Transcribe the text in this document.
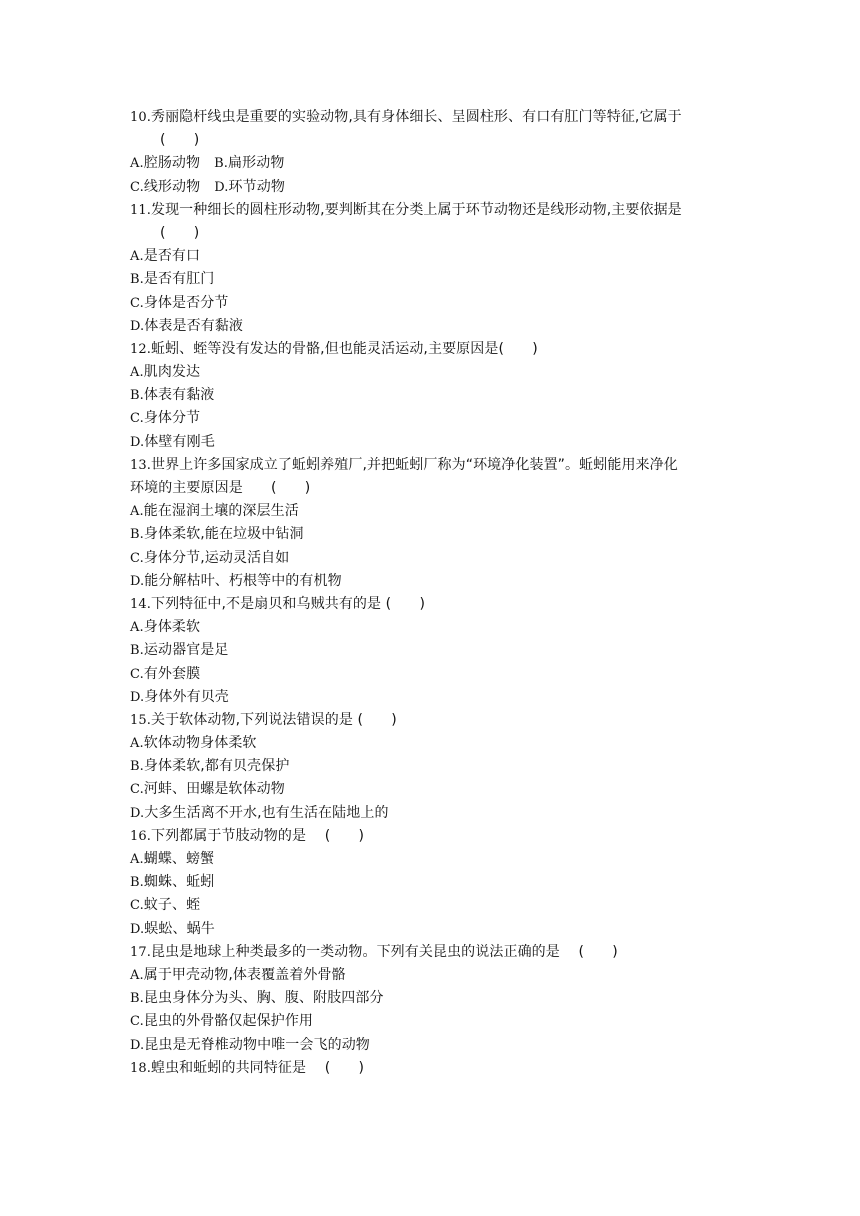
10.秀丽隐杆线虫是重要的实验动物,具有身体细长、呈圆柱形、有口有肛门等特征,它属于
(　　)
A.腔肠动物 B.扁形动物
C.线形动物 D.环节动物
11.发现一种细长的圆柱形动物,要判断其在分类上属于环节动物还是线形动物,主要依据是
(　　)
A.是否有口
B.是否有肛门
C.身体是否分节
D.体表是否有黏液
12.蚯蚓、蛭等没有发达的骨骼,但也能灵活运动,主要原因是(　　)
A.肌肉发达
B.体表有黏液
C.身体分节
D.体壁有刚毛
13.世界上许多国家成立了蚯蚓养殖厂,并把蚯蚓厂称为“环境净化装置”。蚯蚓能用来净化
环境的主要原因是　　(　　)
A.能在湿润土壤的深层生活
B.身体柔软,能在垃圾中钻洞
C.身体分节,运动灵活自如
D.能分解枯叶、朽根等中的有机物
14.下列特征中,不是扇贝和乌贼共有的是 (　　)
A.身体柔软
B.运动器官是足
C.有外套膜
D.身体外有贝壳
15.关于软体动物,下列说法错误的是 (　　)
A.软体动物身体柔软
B.身体柔软,都有贝壳保护
C.河蚌、田螺是软体动物
D.大多生活离不开水,也有生活在陆地上的
16.下列都属于节肢动物的是　 (　　)
A.蝴蝶、螃蟹
B.蜘蛛、蚯蚓
C.蚊子、蛭
D.蜈蚣、蜗牛
17.昆虫是地球上种类最多的一类动物。下列有关昆虫的说法正确的是　 (　　)
A.属于甲壳动物,体表覆盖着外骨骼
B.昆虫身体分为头、胸、腹、附肢四部分
C.昆虫的外骨骼仅起保护作用
D.昆虫是无脊椎动物中唯一会飞的动物
18.蝗虫和蚯蚓的共同特征是　 (　　)
